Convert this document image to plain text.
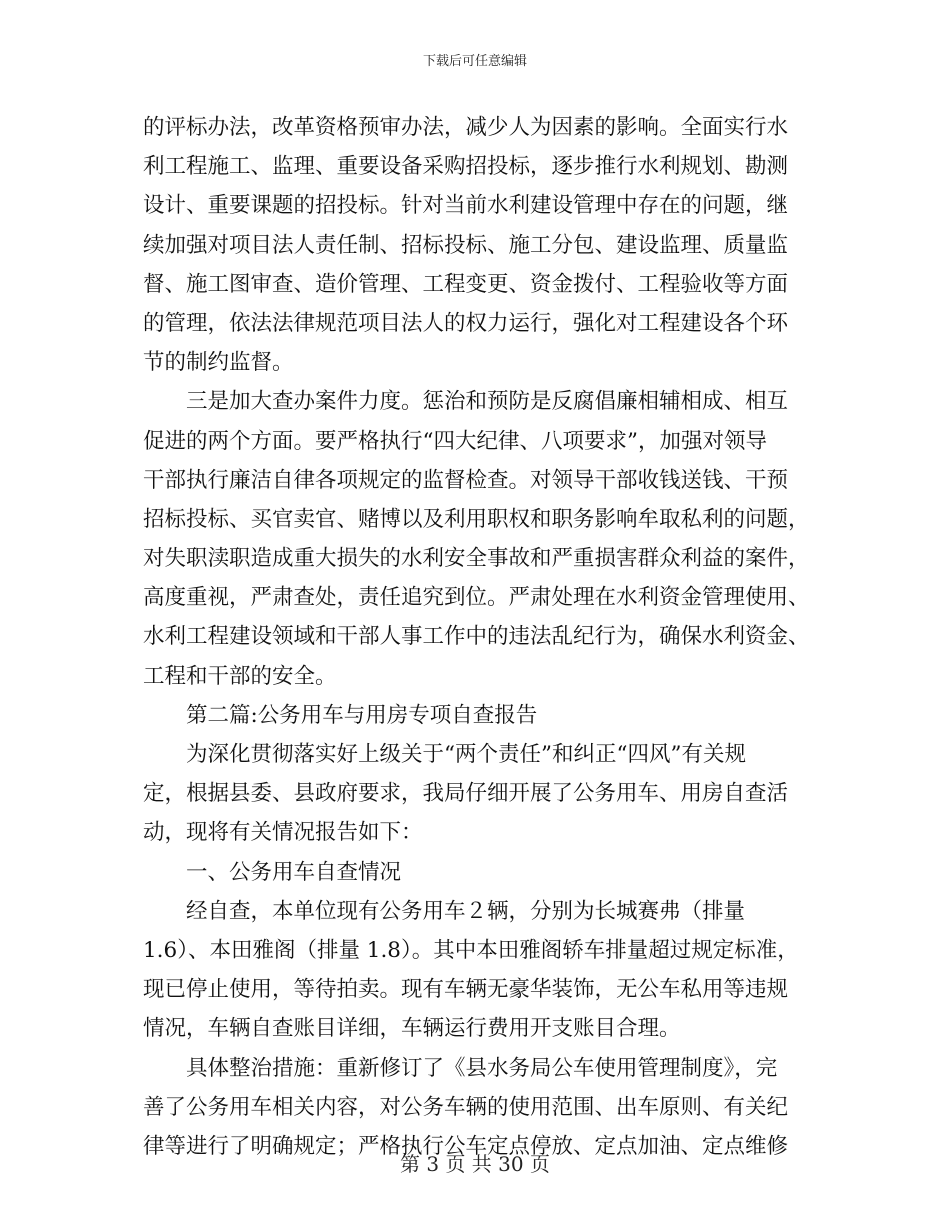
下载后可任意编辑
的评标办法，改革资格预审办法，减少人为因素的影响。全面实行水
利工程施工、监理、重要设备采购招投标，逐步推行水利规划、勘测
设计、重要课题的招投标。针对当前水利建设管理中存在的问题，继
续加强对项目法人责任制、招标投标、施工分包、建设监理、质量监
督、施工图审查、造价管理、工程变更、资金拨付、工程验收等方面
的管理，依法法律规范项目法人的权力运行，强化对工程建设各个环
节的制约监督。
　　三是加大查办案件力度。惩治和预防是反腐倡廉相辅相成、相互
促进的两个方面。要严格执行“四大纪律、八项要求”，加强对领导
干部执行廉洁自律各项规定的监督检查。对领导干部收钱送钱、干预
招标投标、买官卖官、赌博以及利用职权和职务影响牟取私利的问题，
对失职渎职造成重大损失的水利安全事故和严重损害群众利益的案件，
高度重视，严肃查处，责任追究到位。严肃处理在水利资金管理使用、
水利工程建设领域和干部人事工作中的违法乱纪行为，确保水利资金、
工程和干部的安全。
　　第二篇:公务用车与用房专项自查报告
　　为深化贯彻落实好上级关于“两个责任”和纠正“四风”有关规
定，根据县委、县政府要求，我局仔细开展了公务用车、用房自查活
动，现将有关情况报告如下：
　　一、公务用车自查情况
　　经自查，本单位现有公务用车２辆，分别为长城赛弗（排量
1.6）、本田雅阁（排量 1.8）。其中本田雅阁轿车排量超过规定标准，
现已停止使用，等待拍卖。现有车辆无豪华装饰，无公车私用等违规
情况，车辆自查账目详细，车辆运行费用开支账目合理。
　　具体整治措施：重新修订了《县水务局公车使用管理制度》，完
善了公务用车相关内容，对公务车辆的使用范围、出车原则、有关纪
律等进行了明确规定；严格执行公车定点停放、定点加油、定点维修
第 3 页 共 30 页
